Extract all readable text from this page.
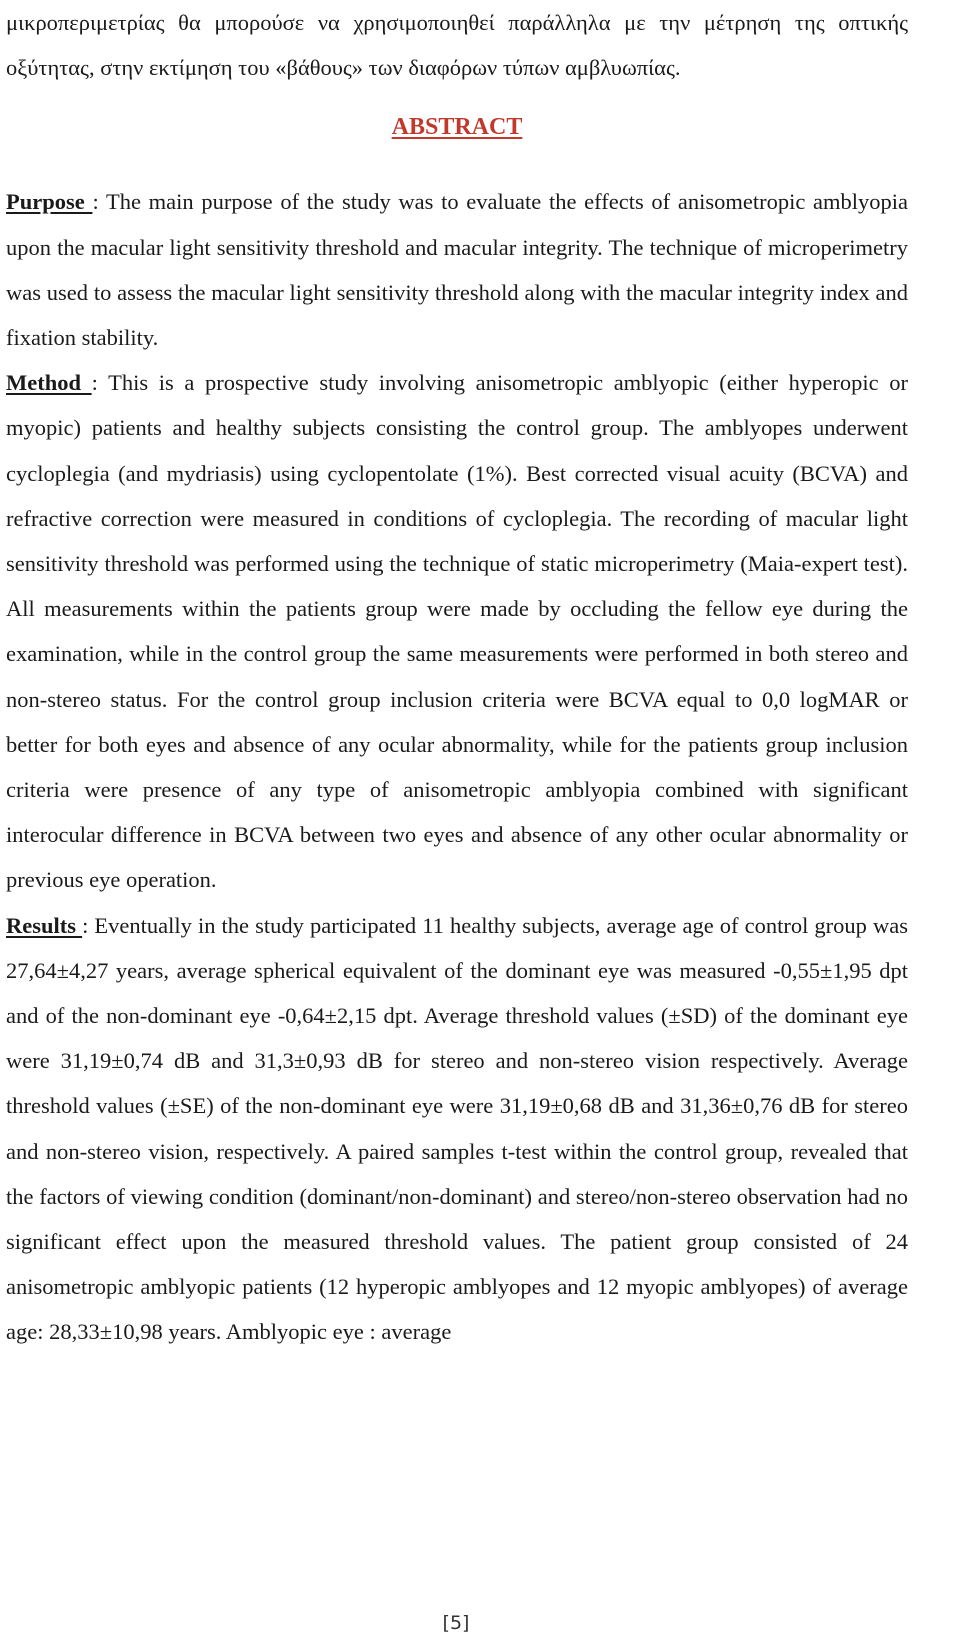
μικροπεριμετρίας θα μπορούσε να χρησιμοποιηθεί παράλληλα με την μέτρηση της οπτικής οξύτητας, στην εκτίμηση του «βάθους» των διαφόρων τύπων αμβλυωπίας.

ABSTRACT

Purpose : The main purpose of the study was to evaluate the effects of anisometropic amblyopia upon the macular light sensitivity threshold and macular integrity. The technique of microperimetry was used to assess the macular light sensitivity threshold along with the macular integrity index and fixation stability.

Method : This is a prospective study involving anisometropic amblyopic (either hyperopic or myopic) patients and healthy subjects consisting the control group. The amblyopes underwent cycloplegia (and mydriasis) using cyclopentolate (1%). Best corrected visual acuity (BCVA) and refractive correction were measured in conditions of cycloplegia. The recording of macular light sensitivity threshold was performed using the technique of static microperimetry (Maia-expert test). All measurements within the patients group were made by occluding the fellow eye during the examination, while in the control group the same measurements were performed in both stereo and non-stereo status. For the control group inclusion criteria were BCVA equal to 0,0 logMAR or better for both eyes and absence of any ocular abnormality, while for the patients group inclusion criteria were presence of any type of anisometropic amblyopia combined with significant interocular difference in BCVA between two eyes and absence of any other ocular abnormality or previous eye operation.

Results : Eventually in the study participated 11 healthy subjects, average age of control group was 27,64±4,27 years, average spherical equivalent of the dominant eye was measured -0,55±1,95 dpt and of the non-dominant eye -0,64±2,15 dpt. Average threshold values (±SD) of the dominant eye were 31,19±0,74 dB and 31,3±0,93 dB for stereo and non-stereo vision respectively. Average threshold values (±SE) of the non-dominant eye were 31,19±0,68 dB and 31,36±0,76 dB for stereo and non-stereo vision, respectively. A paired samples t-test within the control group, revealed that the factors of viewing condition (dominant/non-dominant) and stereo/non-stereo observation had no significant effect upon the measured threshold values. The patient group consisted of 24 anisometropic amblyopic patients (12 hyperopic amblyopes and 12 myopic amblyopes) of average age: 28,33±10,98 years. Amblyopic eye : average

[5]
